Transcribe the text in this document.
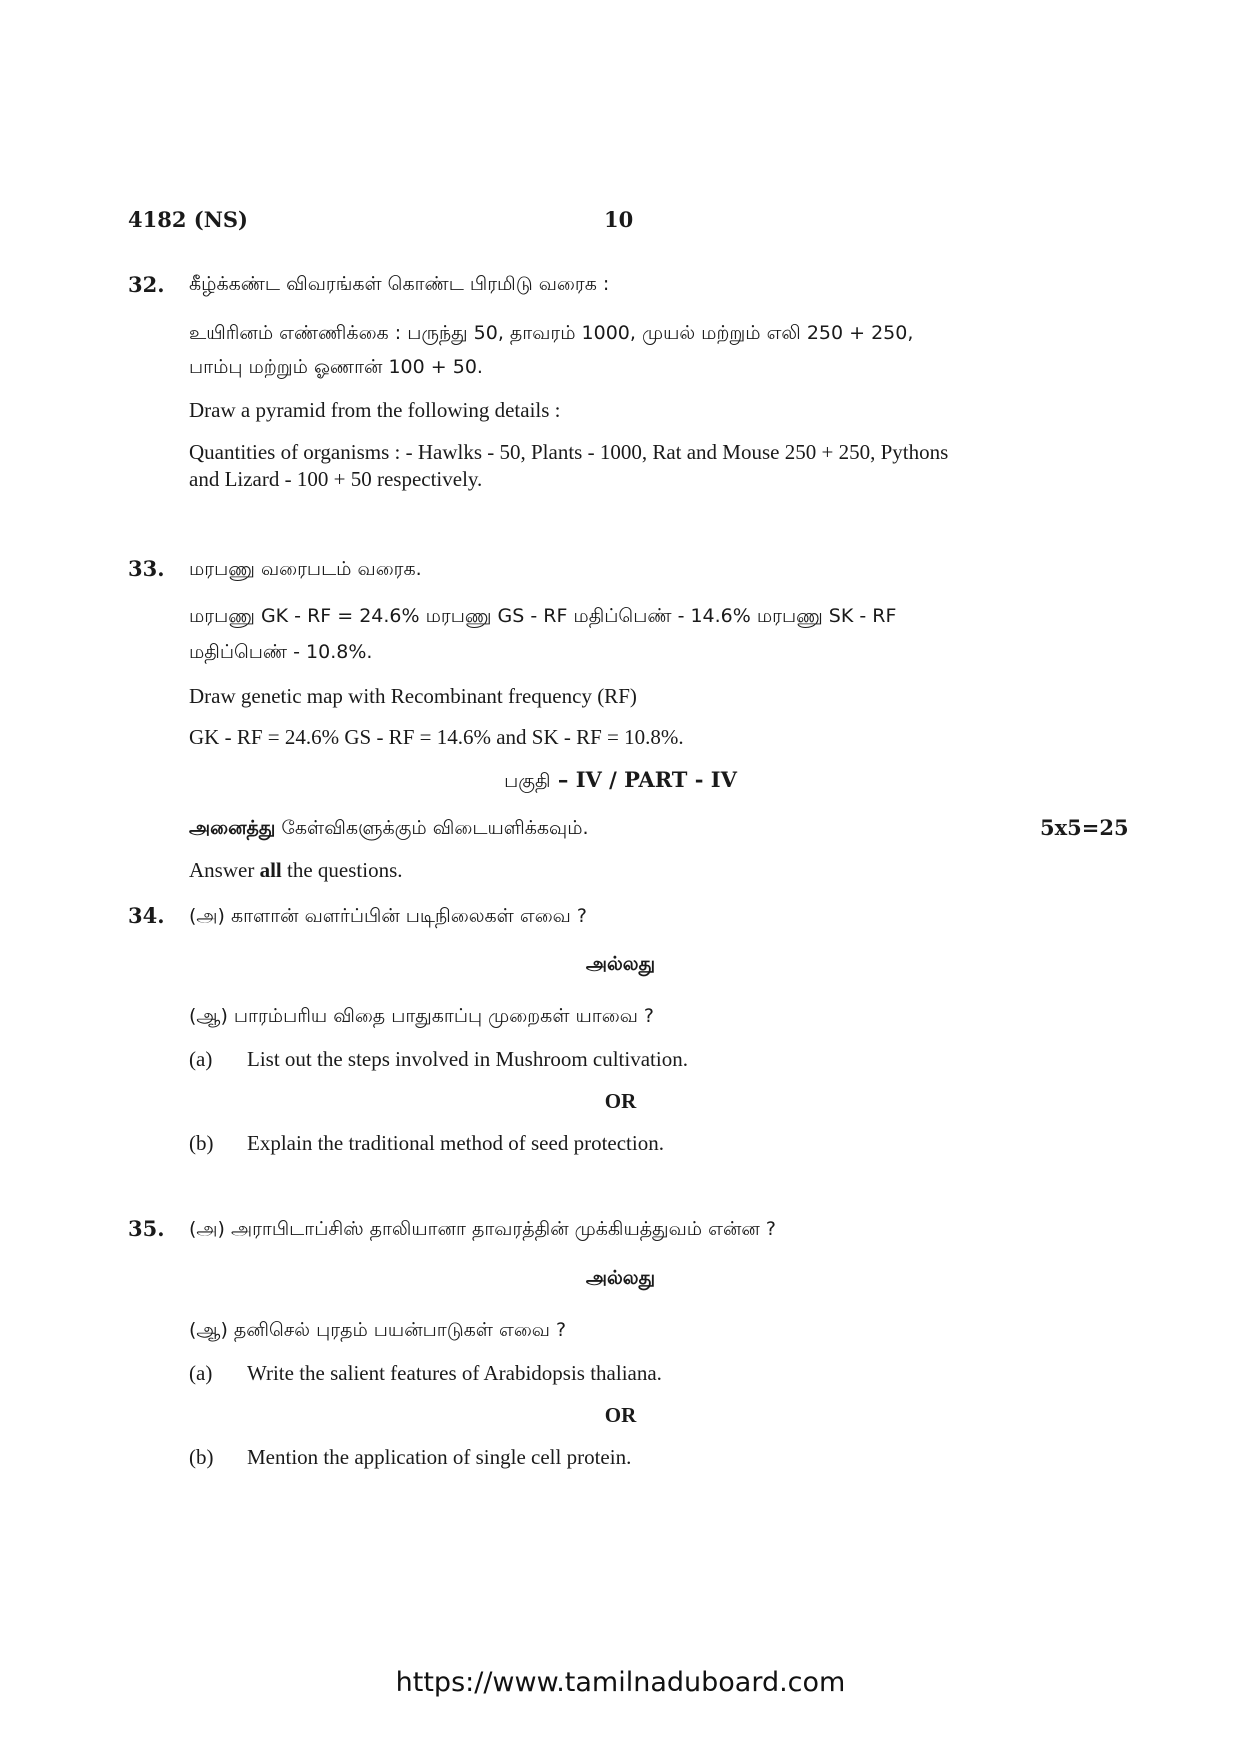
4182 (NS)	10
32. கீழ்க்கண்ட விவரங்கள் கொண்ட பிரமிடு வரைக :
உயிரினம் எண்ணிக்கை : பருந்து 50, தாவரம் 1000, முயல் மற்றும் எலி 250 + 250,
பாம்பு மற்றும் ஓணான் 100 + 50.
Draw a pyramid from the following details :
Quantities of organisms : - Hawlks - 50, Plants - 1000, Rat and Mouse 250 + 250, Pythons
and Lizard - 100 + 50 respectively.
33. மரபணு வரைபடம் வரைக.
மரபணு GK - RF = 24.6% மரபணு GS - RF மதிப்பெண் - 14.6% மரபணு SK - RF
மதிப்பெண் - 10.8%.
Draw genetic map with Recombinant frequency (RF)
GK - RF = 24.6% GS - RF = 14.6% and SK - RF = 10.8%.
பகுதி – IV / PART - IV
அனைத்து கேள்விகளுக்கும் விடையளிக்கவும்.	5x5=25
Answer all the questions.
34. (அ) காளான் வளர்ப்பின் படிநிலைகள் எவை ?
அல்லது
(ஆ) பாரம்பரிய விதை பாதுகாப்பு முறைகள் யாவை ?
(a) List out the steps involved in Mushroom cultivation.
OR
(b) Explain the traditional method of seed protection.
35. (அ) அராபிடாப்சிஸ் தாலியானா தாவரத்தின் முக்கியத்துவம் என்ன ?
அல்லது
(ஆ) தனிசெல் புரதம் பயன்பாடுகள் எவை ?
(a) Write the salient features of Arabidopsis thaliana.
OR
(b) Mention the application of single cell protein.
https://www.tamilnaduboard.com
